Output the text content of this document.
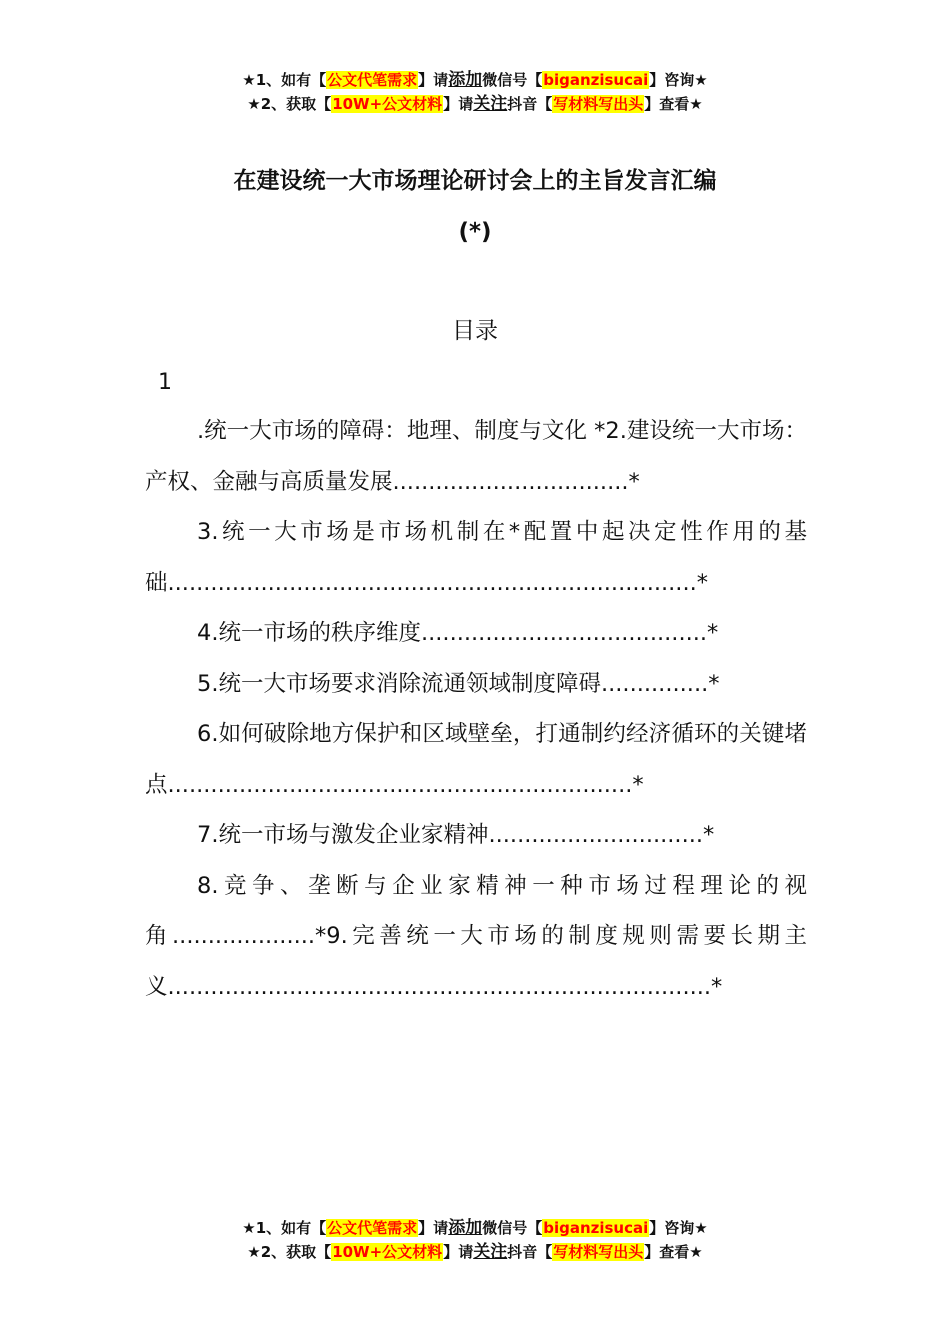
★1、如有【公文代笔需求】请添加微信号【biganzisucai】咨询★
★2、获取【10W+公文材料】请关注抖音【写材料写出头】查看★
在建设统一大市场理论研讨会上的主旨发言汇编
(*)
目录
1

.统一大市场的障碍：地理、制度与文化 *2.建设统一大市场：产权、金融与高质量发展.................................*

3.统一大市场是市场机制在*配置中起决定性作用的基础..........................................................................*

4.统一市场的秩序维度........................................*

5.统一大市场要求消除流通领域制度障碍...............*

6.如何破除地方保护和区域壁垒，打通制约经济循环的关键堵点.................................................................*

7.统一市场与激发企业家精神..............................*

8.竞争、垄断与企业家精神一种市场过程理论的视角....................*9.完善统一大市场的制度规则需要长期主义............................................................................*

★1、如有【公文代笔需求】请添加微信号【biganzisucai】咨询★
★2、获取【10W+公文材料】请关注抖音【写材料写出头】查看★
